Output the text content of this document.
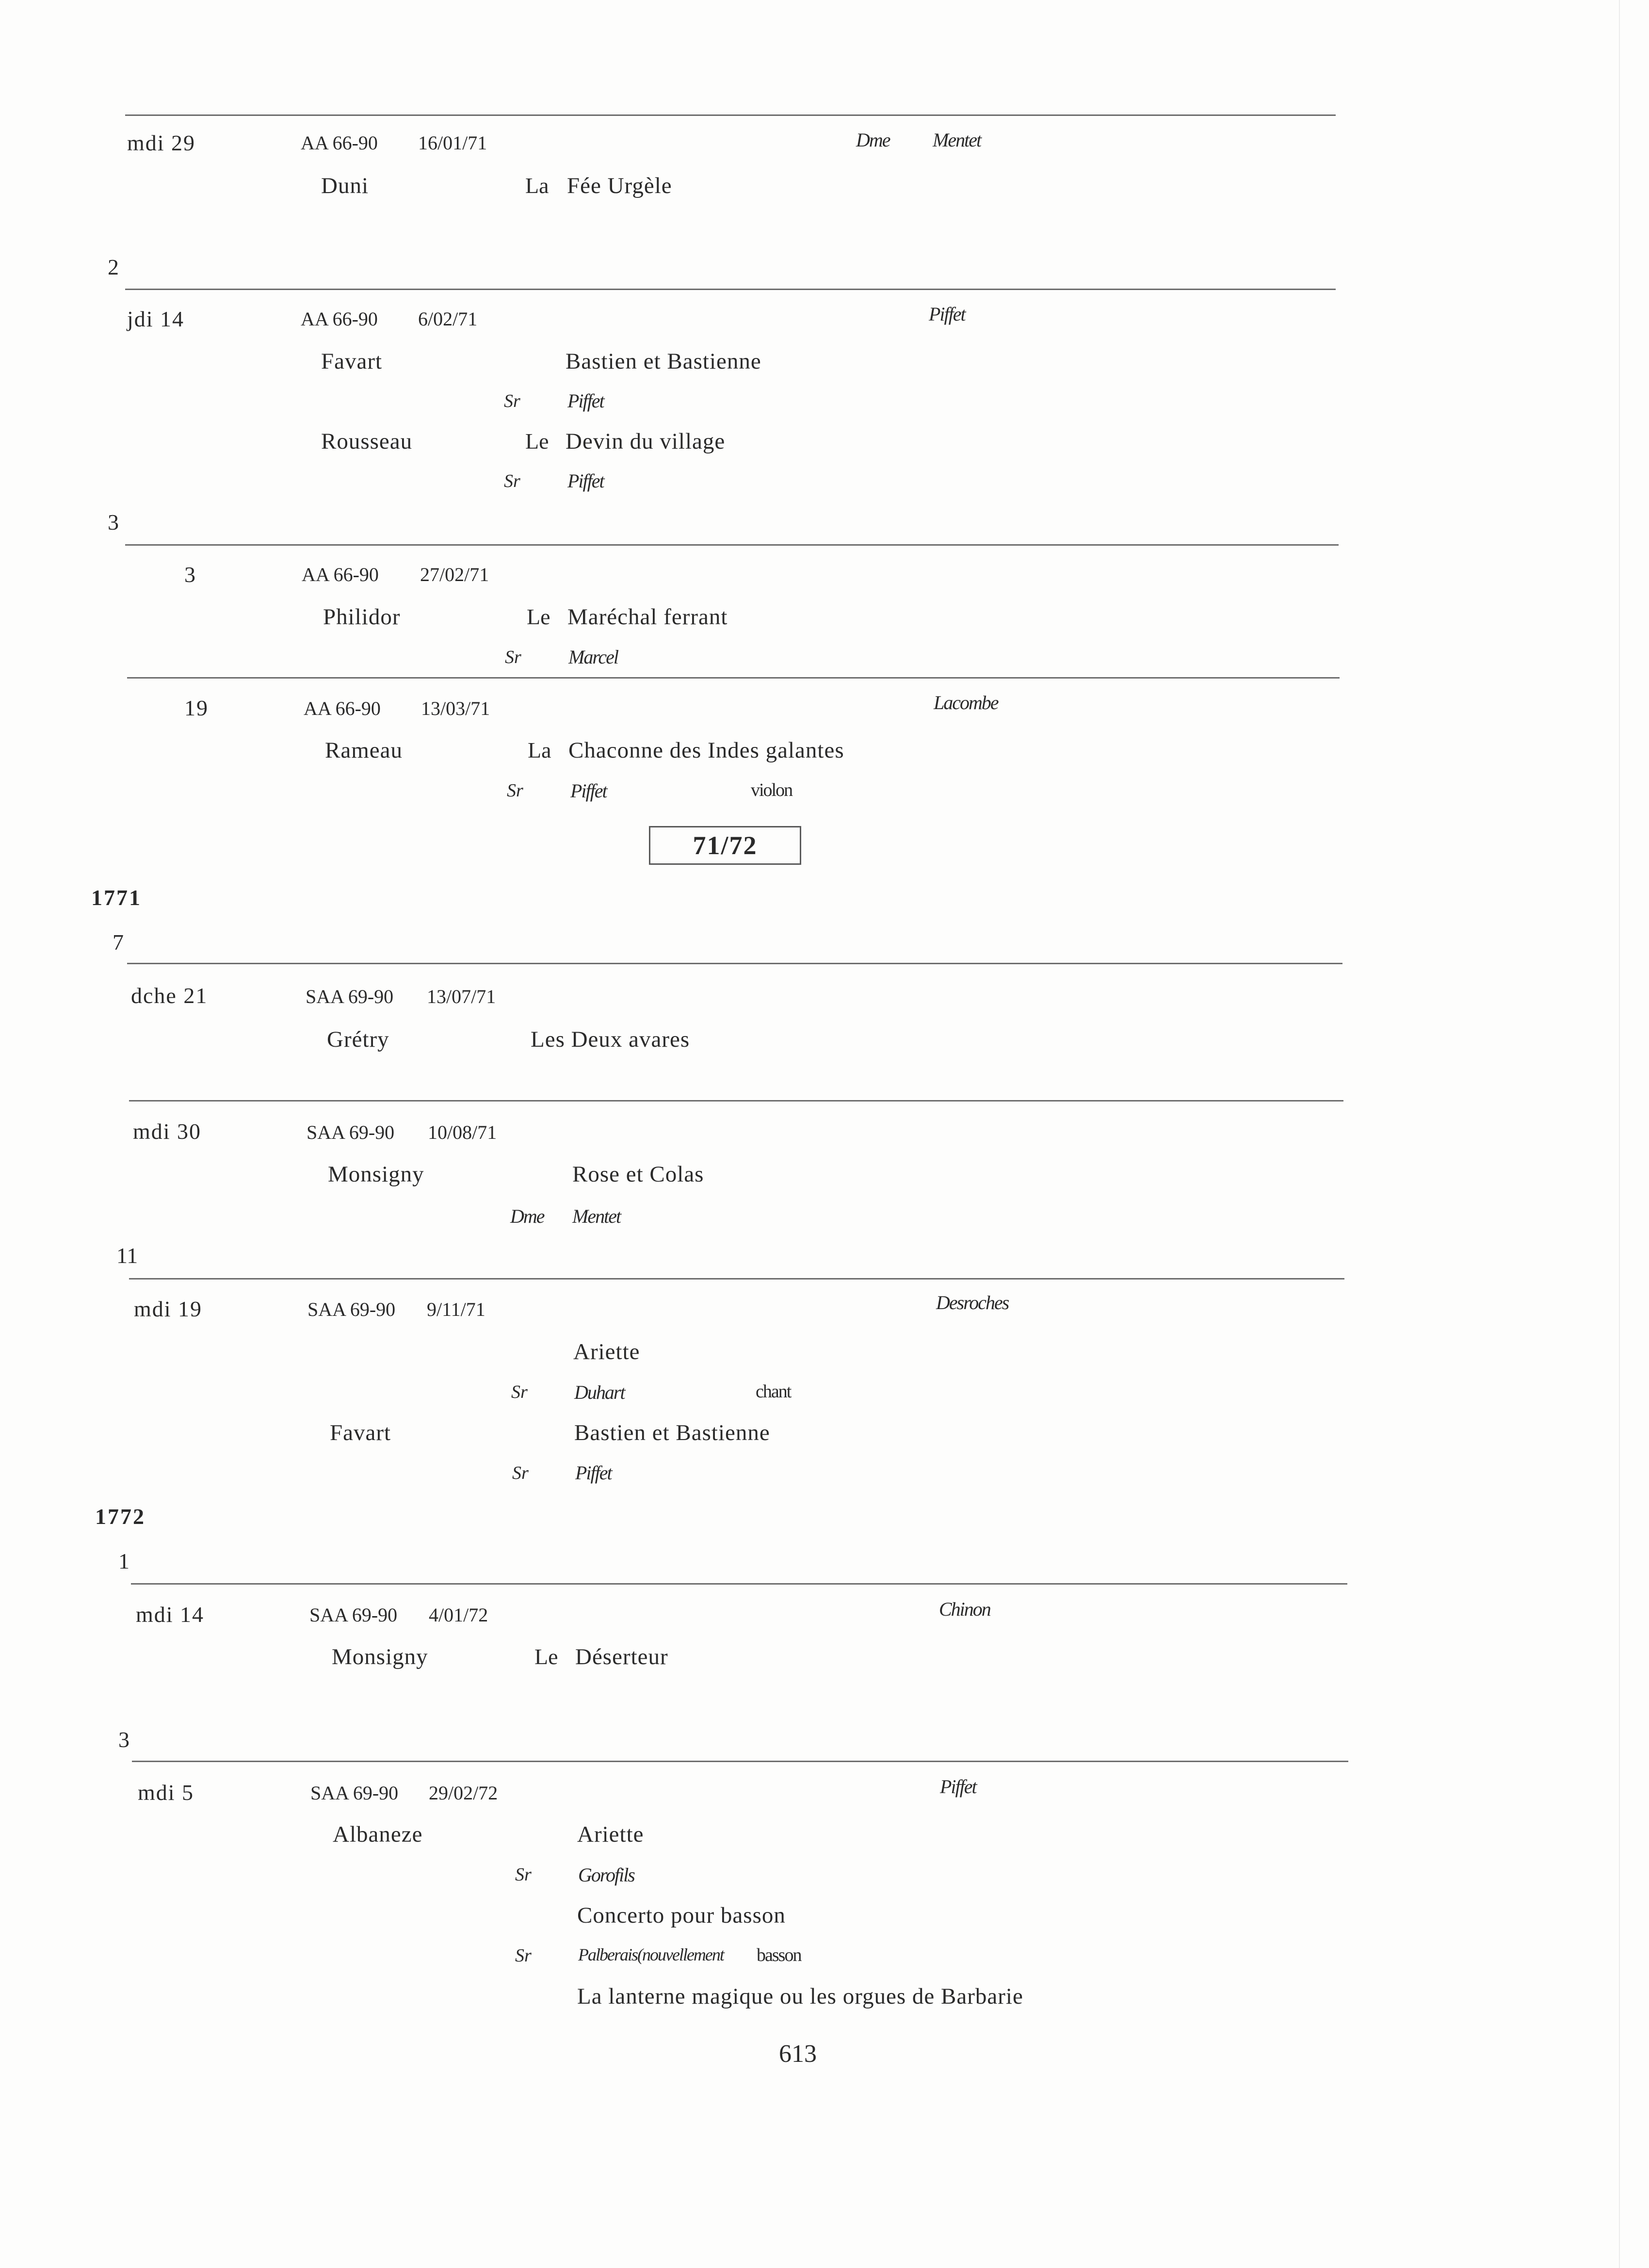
mdi 29	AA 66-90 16/01/71	Dme Mentet
Duni	La Fée Urgèle
2
jdi 14	AA 66-90 6/02/71	Piffet
Favart	Bastien et Bastienne
Sr Piffet
Rousseau	Le Devin du village
Sr Piffet
3
3	AA 66-90 27/02/71
Philidor	Le Maréchal ferrant
Sr Marcel
19	AA 66-90 13/03/71	Lacombe
Rameau	La Chaconne des Indes galantes
Sr Piffet	violon
71/72
1771
7
dche 21	SAA 69-90 13/07/71
Grétry	Les Deux avares
mdi 30	SAA 69-90 10/08/71
Monsigny	Rose et Colas
Dme Mentet
11
mdi 19	SAA 69-90 9/11/71	Desroches
Ariette
Sr Duhart	chant
Favart	Bastien et Bastienne
Sr Piffet
1772
1
mdi 14	SAA 69-90 4/01/72	Chinon
Monsigny	Le Déserteur
3
mdi 5	SAA 69-90 29/02/72	Piffet
Albaneze	Ariette
Sr Gorofils
Concerto pour basson
Sr	Palberais(nouvellement basson
La lanterne magique ou les orgues de Barbarie
613
